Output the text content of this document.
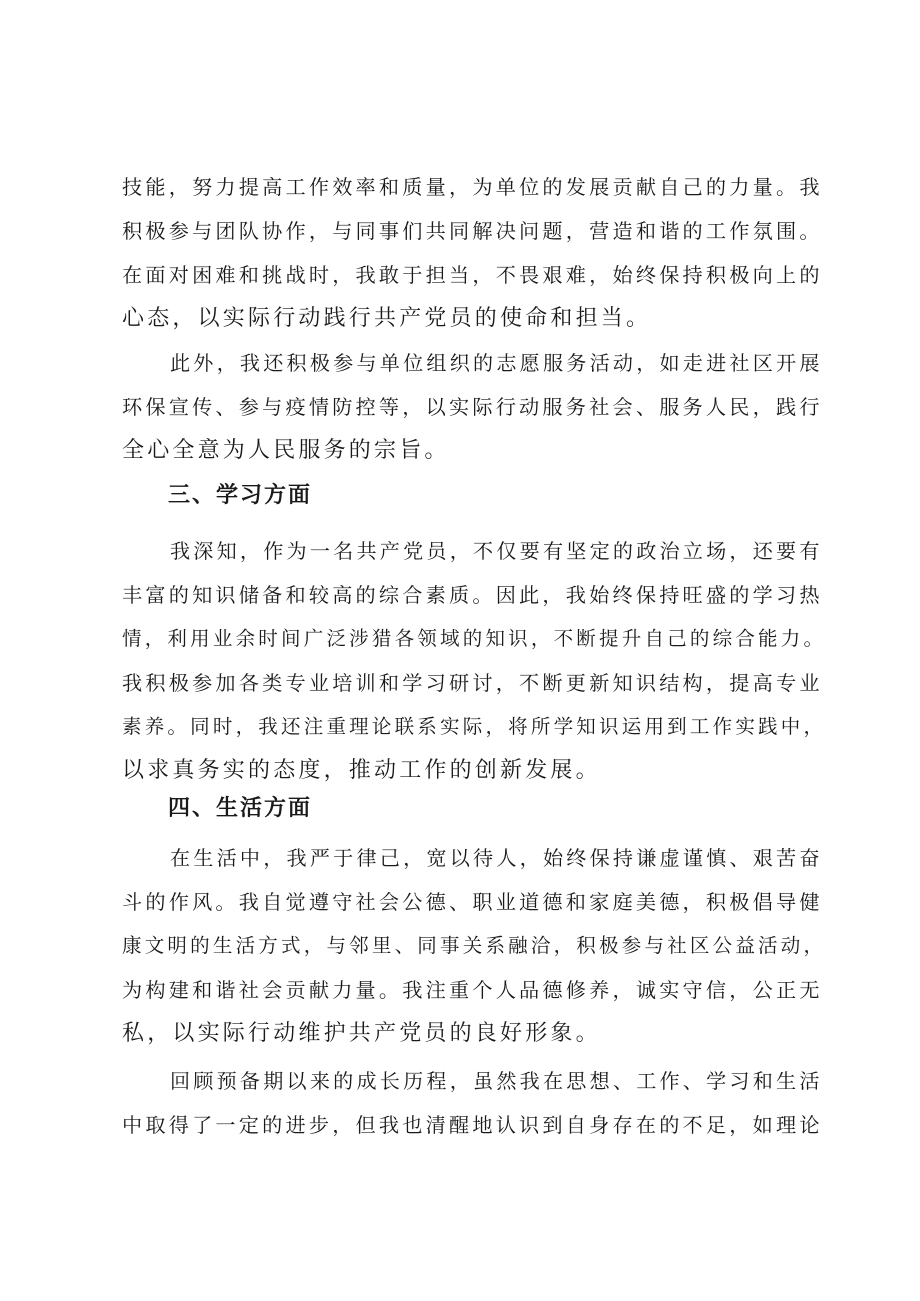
技能，努力提高工作效率和质量，为单位的发展贡献自己的力量。我
积极参与团队协作，与同事们共同解决问题，营造和谐的工作氛围。
在面对困难和挑战时，我敢于担当，不畏艰难，始终保持积极向上的
心态，以实际行动践行共产党员的使命和担当。
此外，我还积极参与单位组织的志愿服务活动，如走进社区开展
环保宣传、参与疫情防控等，以实际行动服务社会、服务人民，践行
全心全意为人民服务的宗旨。
三、学习方面
我深知，作为一名共产党员，不仅要有坚定的政治立场，还要有
丰富的知识储备和较高的综合素质。因此，我始终保持旺盛的学习热
情，利用业余时间广泛涉猎各领域的知识，不断提升自己的综合能力。
我积极参加各类专业培训和学习研讨，不断更新知识结构，提高专业
素养。同时，我还注重理论联系实际，将所学知识运用到工作实践中，
以求真务实的态度，推动工作的创新发展。
四、生活方面
在生活中，我严于律己，宽以待人，始终保持谦虚谨慎、艰苦奋
斗的作风。我自觉遵守社会公德、职业道德和家庭美德，积极倡导健
康文明的生活方式，与邻里、同事关系融洽，积极参与社区公益活动，
为构建和谐社会贡献力量。我注重个人品德修养，诚实守信，公正无
私，以实际行动维护共产党员的良好形象。
回顾预备期以来的成长历程，虽然我在思想、工作、学习和生活
中取得了一定的进步，但我也清醒地认识到自身存在的不足，如理论
